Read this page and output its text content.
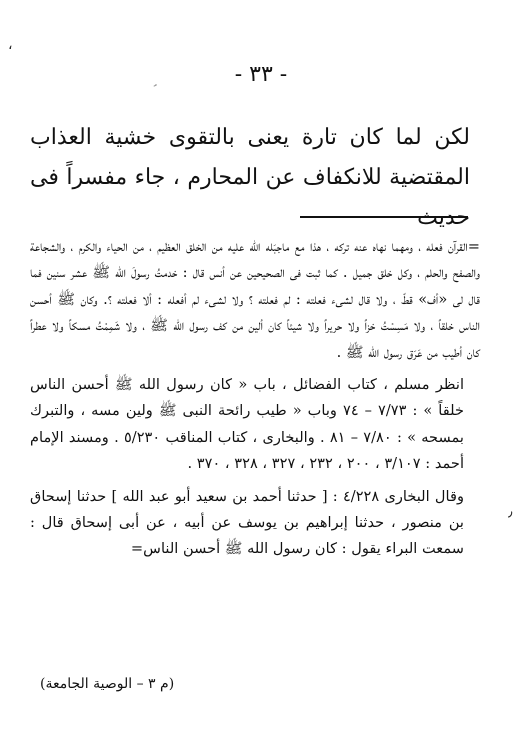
،
٬
٫
- ٣٣ -
لكن لما كان تارة يعنى بالتقوى خشية العذاب المقتضية للانكفاف عن المحارم ، جاء مفسراً فى حديث

=القرآن فعله ، ومهما نهاه عنه تركه ، هذا مع ماجبَله الله عليه من الخلق العظيم ، من الحياء والكرم ، والشجاعة والصفح والحلم ، وكل خلق جميل . كما ثبت فى الصحيحين عن أنس قال : خدمتُ رسولَ الله ﷺ عشر سنين فما قال لى «أف» قطّ ، ولا قال لشىء فعلته : لم فعلته ؟ ولا لشىء لم أفعله : ألا فعلته ؟. وكان ﷺ أحسن الناس خلقاً ، ولا مَسِسْتُ خزاً ولا حريراً ولا شيئاً كان ألين من كف رسول الله ﷺ ، ولا شَمِمْتُ مسكاً ولا عطراً كان أطيب من عَرَق رسول الله ﷺ .

انظر مسلم ، كتاب الفضائل ، باب « كان رسول الله ﷺ أحسن الناس خلقاً » : ٧/٧٣ – ٧٤ وباب « طيب رائحة النبى ﷺ ولين مسه ، والتبرك بمسحه » : ٧/٨٠ – ٨١ . والبخارى ، كتاب المناقب ٥/٢٣٠ . ومسند الإمام أحمد : ٣/١٠٧ ، ٢٠٠ ، ٢٣٢ ، ٣٢٧ ، ٣٢٨ ، ٣٧٠ .

وقال البخارى ٤/٢٢٨ : [ حدثنا أحمد بن سعيد أبو عبد الله ] حدثنا إسحاق بن منصور ، حدثنا إبراهيم بن يوسف عن أبيه ، عن أبى إسحاق قال : سمعت البراء يقول : كان رسول الله ﷺ أحسن الناس=

(م ٣ – الوصية الجامعة)
